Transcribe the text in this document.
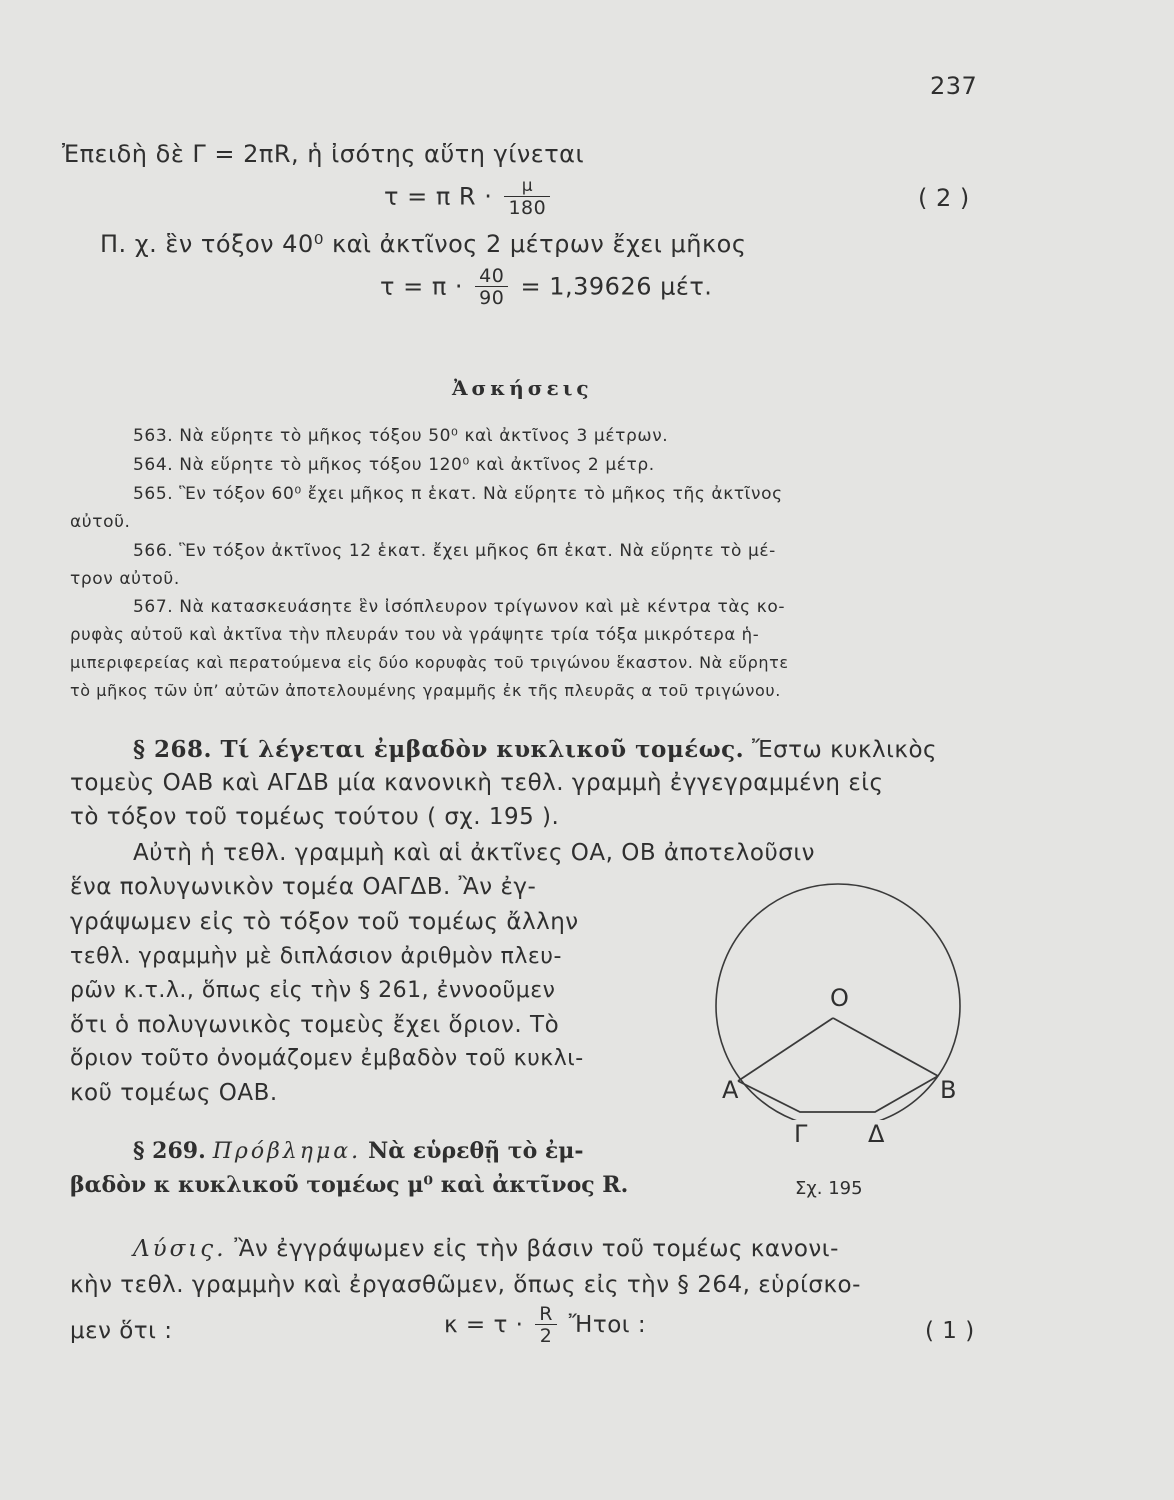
237
Ἐπειδὴ δὲ Γ = 2πR, ἡ ἰσότης αὕτη γίνεται
τ = π $R \cdot \frac{\mu}{180}$	( 2 )
Π. χ. ἓν τόξον 40⁰ καὶ ἀκτῖνος 2 μέτρων ἔχει μῆκος
$\tau = \pi \cdot \frac{40}{90} = 1,39626$ μέτ.
Ἀσκήσεις
563. Νὰ εὕρητε τὸ μῆκος τόξου 50⁰ καὶ ἀκτῖνος 3 μέτρων.
564. Νὰ εὕρητε τὸ μῆκος τόξου 120⁰ καὶ ἀκτῖνος 2 μέτρ.
565. Ἓν τόξον 60⁰ ἔχει μῆκος π ἑκατ. Νὰ εὕρητε τὸ μῆκος τῆς ἀκτῖνος
αὐτοῦ.
566. Ἓν τόξον ἀκτῖνος 12 ἑκατ. ἔχει μῆκος 6π ἑκατ. Νὰ εὕρητε τὸ μέ-
τρον αὐτοῦ.
567. Νὰ κατασκευάσητε ἓν ἰσόπλευρον τρίγωνον καὶ μὲ κέντρα τὰς κο-
ρυφὰς αὐτοῦ καὶ ἀκτῖνα τὴν πλευράν του νὰ γράψητε τρία τόξα μικρότερα ἡ-
μιπεριφερείας καὶ περατούμενα εἰς δύο κορυφὰς τοῦ τριγώνου ἕκαστον. Νὰ εὕρητε
τὸ μῆκος τῶν ὑπ’ αὐτῶν ἀποτελουμένης γραμμῆς ἐκ τῆς πλευρᾶς α τοῦ τριγώνου.
§ 268. Τί λέγεται ἐμβαδὸν κυκλικοῦ τομέως. Ἔστω κυκλικὸς
τομεὺς ΟΑΒ καὶ ΑΓΔΒ μία κανονικὴ τεθλ. γραμμὴ ἐγγεγραμμένη εἰς
τὸ τόξον τοῦ τομέως τούτου ( σχ. 195 ).
Αὐτὴ ἡ τεθλ. γραμμὴ καὶ αἱ ἀκτῖνες ΟΑ, ΟΒ ἀποτελοῦσιν
ἕνα πολυγωνικὸν τομέα ΟΑΓΔΒ. Ἂν ἐγ-
γράψωμεν εἰς τὸ τόξον τοῦ τομέως ἄλλην
τεθλ. γραμμὴν μὲ διπλάσιον ἀριθμὸν πλευ-
ρῶν κ.τ.λ., ὅπως εἰς τὴν § 261, ἐννοοῦμεν
ὅτι ὁ πολυγωνικὸς τομεὺς ἔχει ὅριον. Τὸ
ὅριον τοῦτο ὀνομάζομεν ἐμβαδὸν τοῦ κυκλι-
κοῦ τομέως ΟΑΒ.
§ 269. Πρόβλημα. Νὰ εὑρεθῇ τὸ ἐμ-
βαδὸν κ κυκλικοῦ τομέως μ⁰ καὶ ἀκτῖνος R.
O
A	B
Γ	Δ
Σχ. 195
Λύσις. Ἂν ἐγγράψωμεν εἰς τὴν βάσιν τοῦ τομέως κανονι-
κὴν τεθλ. γραμμὴν καὶ ἐργασθῶμεν, ὅπως εἰς τὴν § 264, εὑρίσκο-
μεν ὅτι :	$\kappa = \tau \cdot \frac{R}{2}$ Ἤτοι :	( 1 )
